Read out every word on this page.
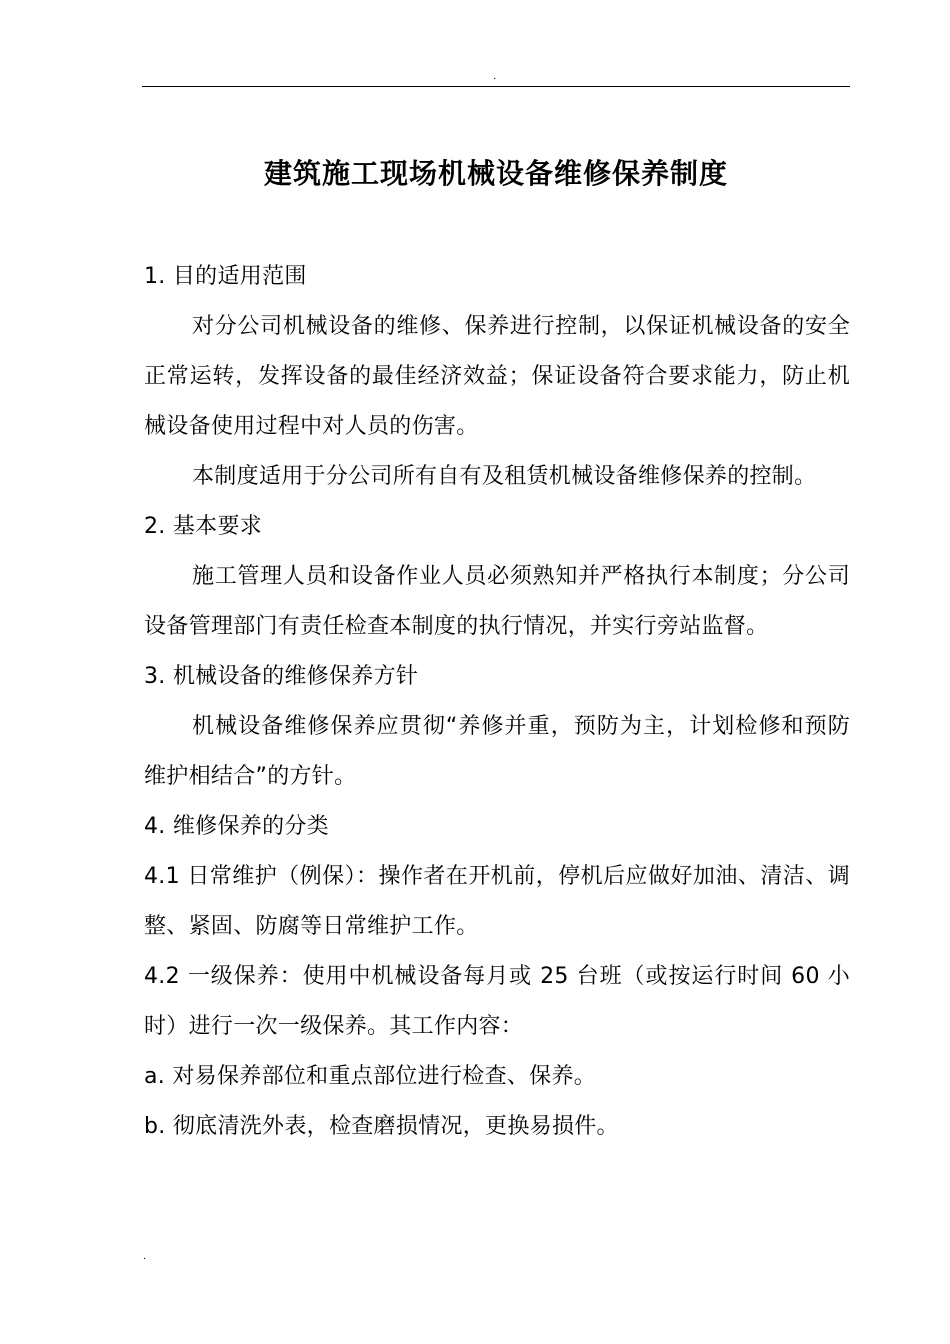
.
建筑施工现场机械设备维修保养制度

1. 目的适用范围

对分公司机械设备的维修、保养进行控制，以保证机械设备的安全正常运转，发挥设备的最佳经济效益；保证设备符合要求能力，防止机械设备使用过程中对人员的伤害。

本制度适用于分公司所有自有及租赁机械设备维修保养的控制。

2. 基本要求

施工管理人员和设备作业人员必须熟知并严格执行本制度；分公司设备管理部门有责任检查本制度的执行情况，并实行旁站监督。

3. 机械设备的维修保养方针

机械设备维修保养应贯彻“养修并重，预防为主，计划检修和预防维护相结合”的方针。

4. 维修保养的分类

4.1 日常维护（例保）：操作者在开机前，停机后应做好加油、清洁、调整、紧固、防腐等日常维护工作。

4.2 一级保养：使用中机械设备每月或 25 台班（或按运行时间 60 小时）进行一次一级保养。其工作内容：

a. 对易保养部位和重点部位进行检查、保养。

b. 彻底清洗外表，检查磨损情况，更换易损件。

.
